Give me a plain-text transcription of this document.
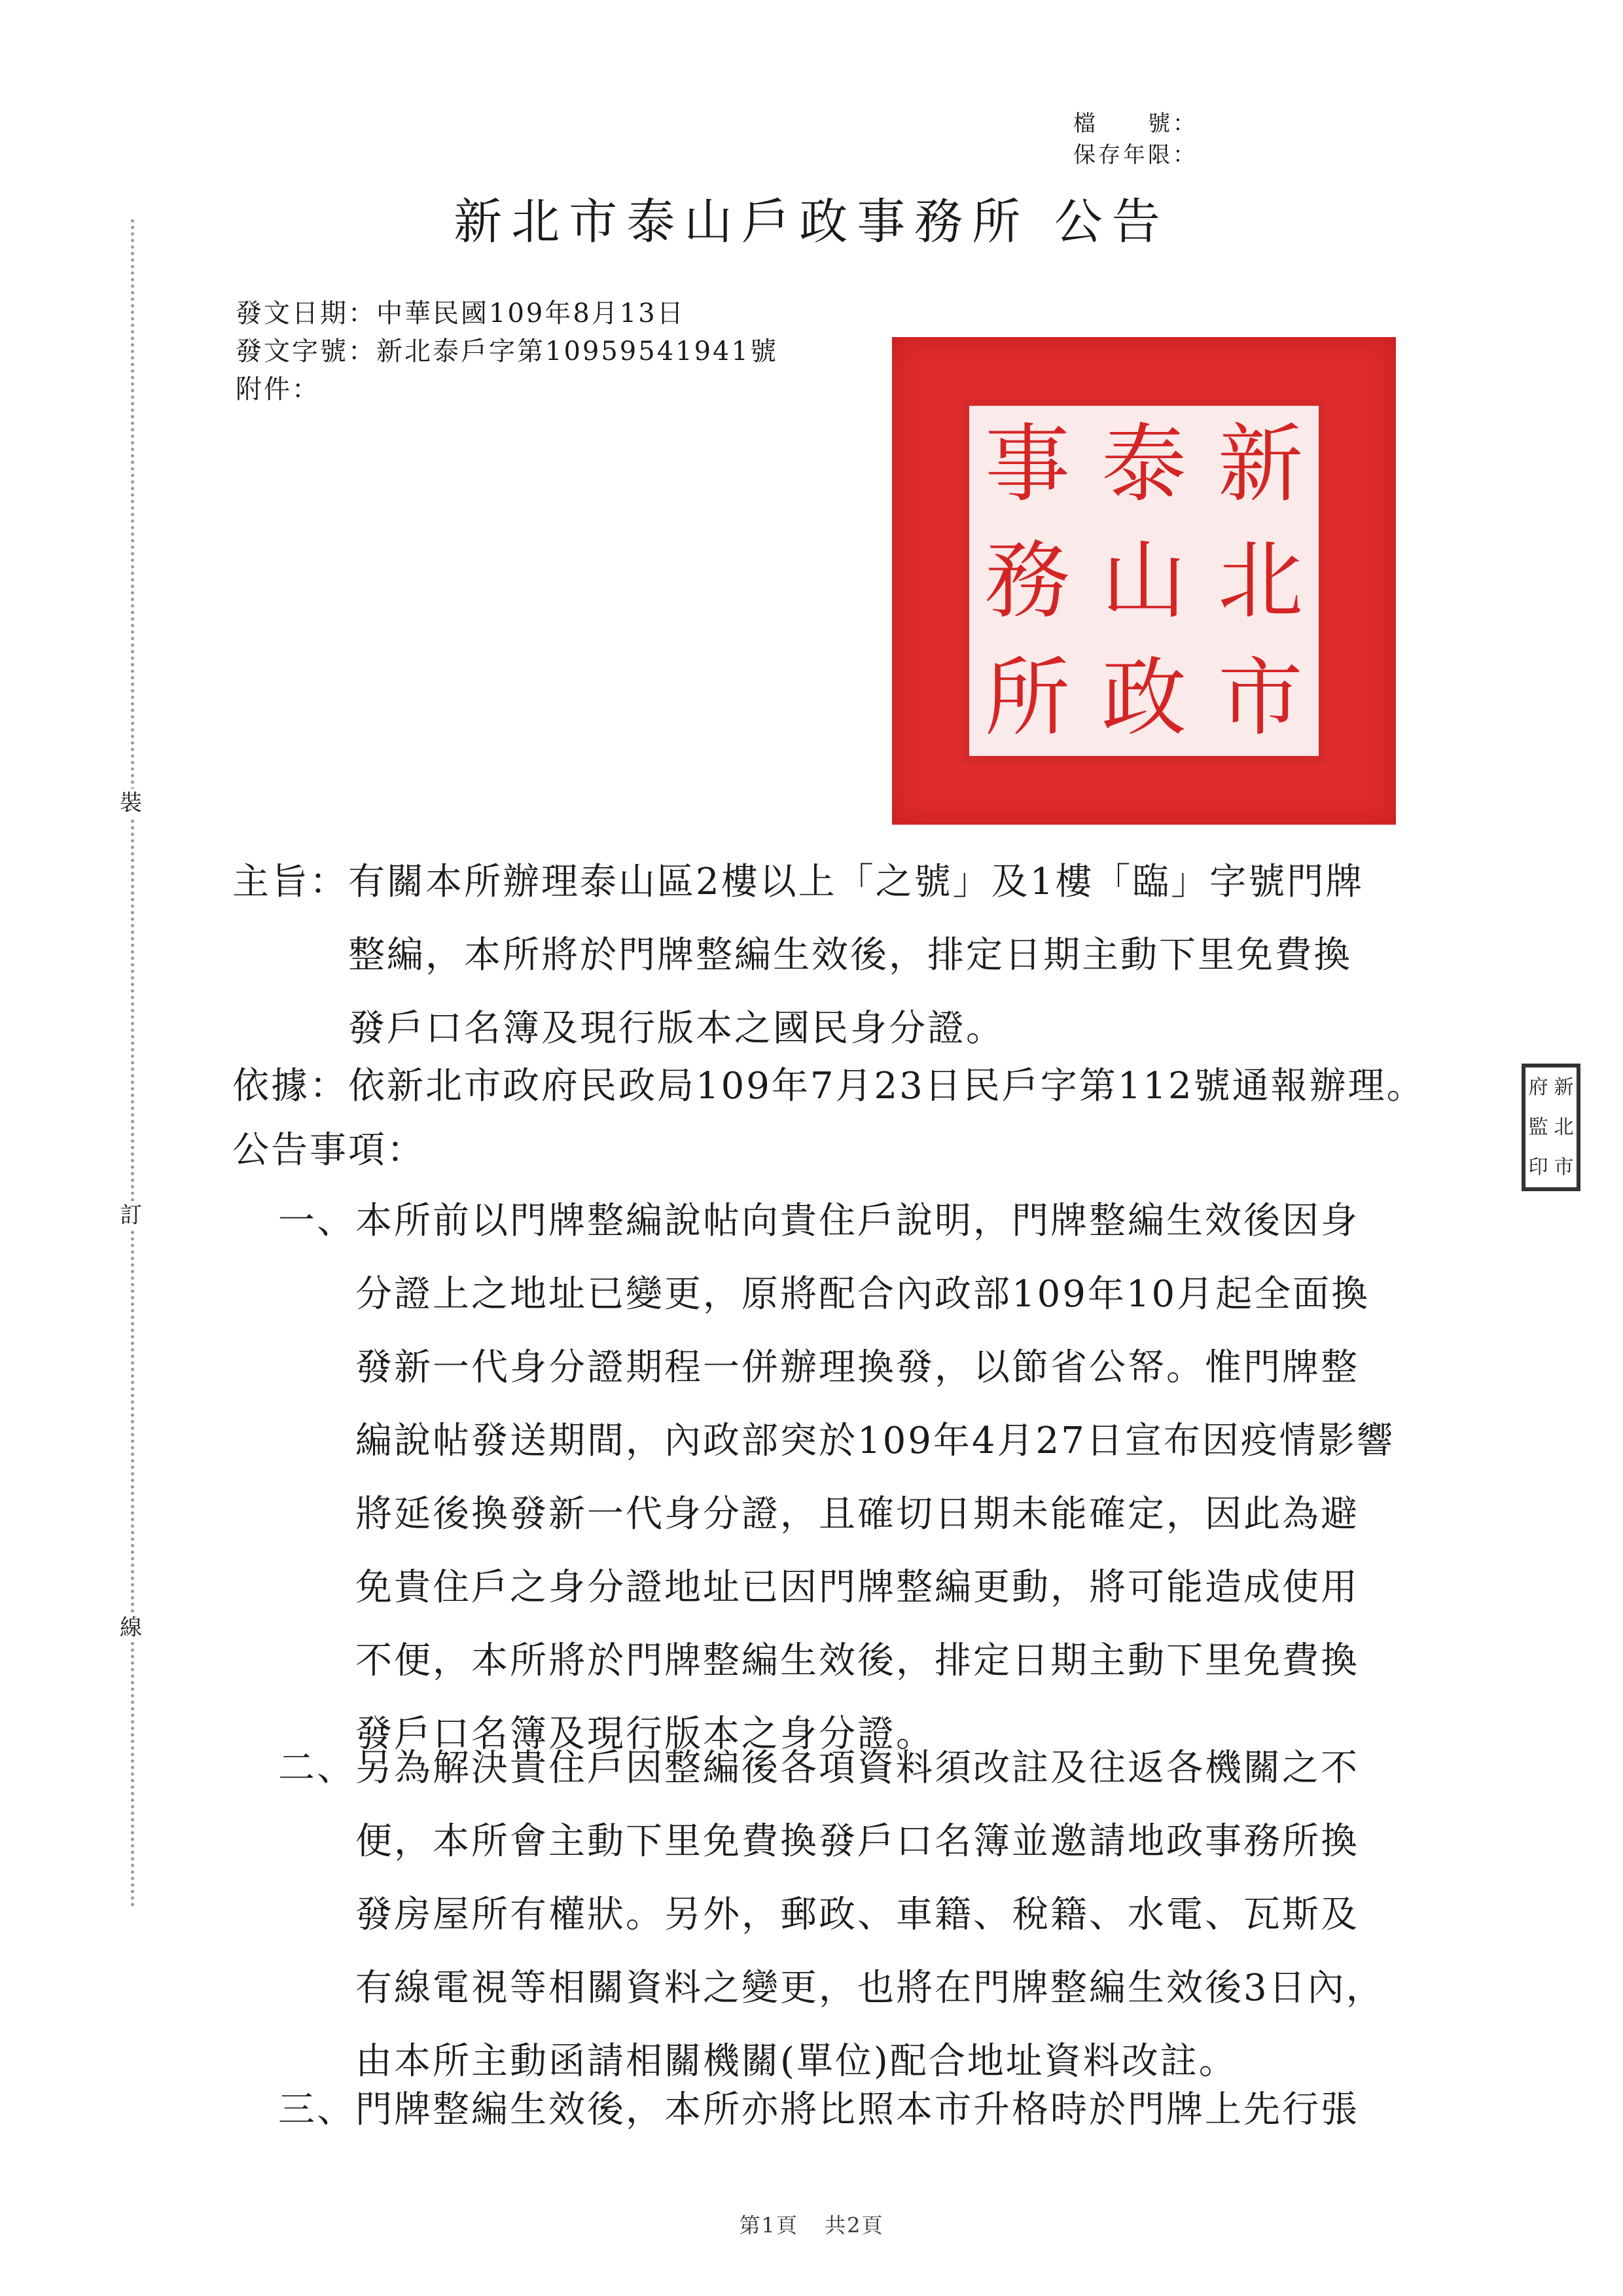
檔　　號：
保存年限：
新北市泰山戶政事務所 公告
發文日期：中華民國109年8月13日
發文字號：新北泰戶字第10959541941號
附件：
裝
訂
線
新
北
市
泰
山
政
事
務
所
新
北
市
府
監
印
主旨：有關本所辦理泰山區2樓以上「之號」及1樓「臨」字號門牌
　　　整編，本所將於門牌整編生效後，排定日期主動下里免費換
　　　發戶口名簿及現行版本之國民身分證。
依據：依新北市政府民政局109年7月23日民戶字第112號通報辦理。
公告事項：
一、本所前以門牌整編說帖向貴住戶說明，門牌整編生效後因身
　　分證上之地址已變更，原將配合內政部109年10月起全面換
　　發新一代身分證期程一併辦理換發，以節省公帑。惟門牌整
　　編說帖發送期間，內政部突於109年4月27日宣布因疫情影響
　　將延後換發新一代身分證，且確切日期未能確定，因此為避
　　免貴住戶之身分證地址已因門牌整編更動，將可能造成使用
　　不便，本所將於門牌整編生效後，排定日期主動下里免費換
　　發戶口名簿及現行版本之身分證。
二、另為解決貴住戶因整編後各項資料須改註及往返各機關之不
　　便，本所會主動下里免費換發戶口名簿並邀請地政事務所換
　　發房屋所有權狀。另外，郵政、車籍、稅籍、水電、瓦斯及
　　有線電視等相關資料之變更，也將在門牌整編生效後3日內，
　　由本所主動函請相關機關(單位)配合地址資料改註。
三、門牌整編生效後，本所亦將比照本市升格時於門牌上先行張
第1頁 共2頁
